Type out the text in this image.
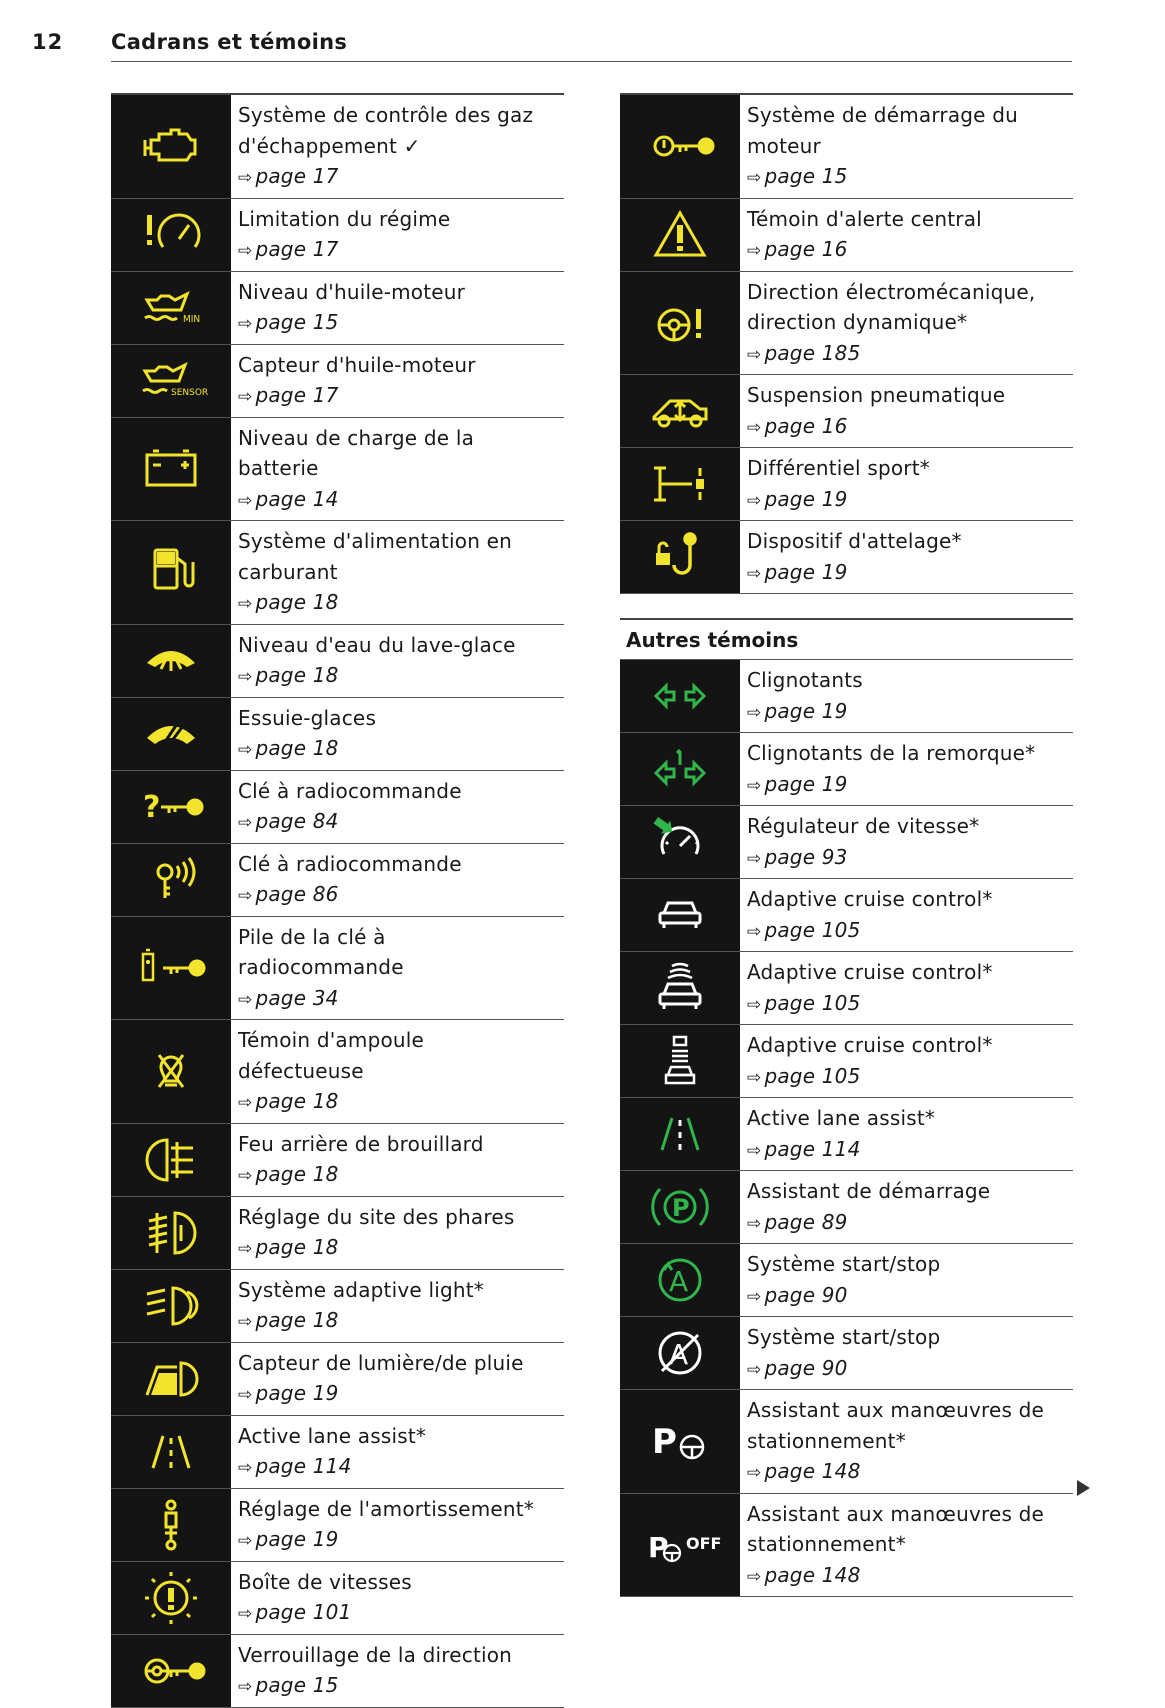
12 Cadrans et témoins
Système de contrôle des gaz d'échappement ✓
⇨ page 17
Limitation du régime
⇨ page 17
MIN
Niveau d'huile-moteur
⇨ page 15
SENSOR
Capteur d'huile-moteur
⇨ page 17
Niveau de charge de la batterie
⇨ page 14
Système d'alimentation en carburant
⇨ page 18
Niveau d'eau du lave-glace
⇨ page 18
Essuie-glaces
⇨ page 18
?	Clé à radiocommande
⇨ page 84
Clé à radiocommande
⇨ page 86
Pile de la clé à radiocommande
⇨ page 34
Témoin d'ampoule défectueuse
⇨ page 18
Feu arrière de brouillard
⇨ page 18
Réglage du site des phares
⇨ page 18
Système adaptive light*
⇨ page 18
Capteur de lumière/de pluie
⇨ page 19
Active lane assist*
⇨ page 114
Réglage de l'amortissement*
⇨ page 19
Boîte de vitesses
⇨ page 101
Verrouillage de la direction
⇨ page 15
Système de démarrage du moteur
⇨ page 15
Témoin d'alerte central
⇨ page 16
Direction électromécanique, direction dynamique*
⇨ page 185
Suspension pneumatique
⇨ page 16
Différentiel sport*
⇨ page 19
Dispositif d'attelage*
⇨ page 19
Autres témoins
Clignotants
⇨ page 19
Clignotants de la remorque*
⇨ page 19
Régulateur de vitesse*
⇨ page 93
Adaptive cruise control*
⇨ page 105
Adaptive cruise control*
⇨ page 105
Adaptive cruise control*
⇨ page 105
Active lane assist*
⇨ page 114
P
Assistant de démarrage
⇨ page 89
A
Système start/stop
⇨ page 90
A
Système start/stop
⇨ page 90
P
Assistant aux manœuvres de stationnement*
⇨ page 148
P OFF
Assistant aux manœuvres de stationnement*
⇨ page 148
